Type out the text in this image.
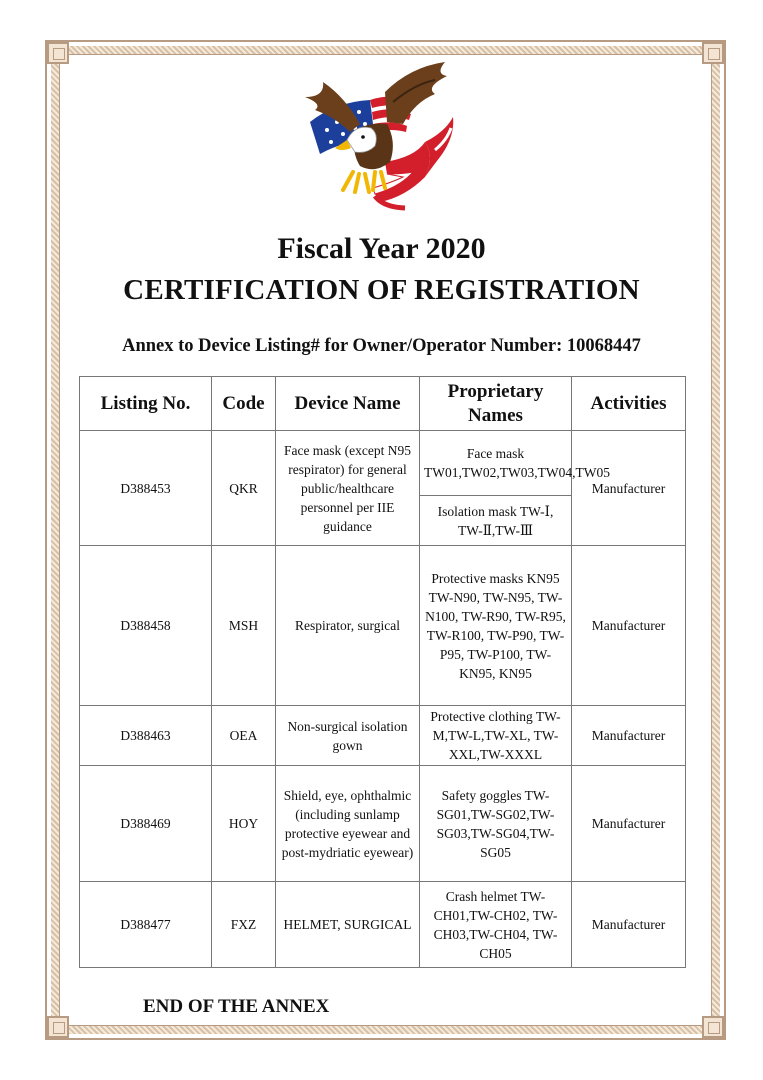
Fiscal Year 2020
CERTIFICATION OF REGISTRATION
Annex to Device Listing# for Owner/Operator Number: 10068447
Listing No.	Code	Device Name	Proprietary Names	Activities
D388453	QKR	Face mask (except N95 respirator) for general public/healthcare personnel per IIE guidance	Face mask TW01,TW02,TW03,TW04,TW05	Manufacturer
			Isolation mask TW-Ⅰ, TW-Ⅱ,TW-Ⅲ	
D388458	MSH	Respirator, surgical	Protective masks KN95 TW-N90, TW-N95, TW-N100, TW-R90, TW-R95, TW-R100, TW-P90, TW-P95, TW-P100, TW-KN95, KN95	Manufacturer
D388463	OEA	Non-surgical isolation gown	Protective clothing TW-M,TW-L,TW-XL, TW-XXL,TW-XXXL	Manufacturer
D388469	HOY	Shield, eye, ophthalmic (including sunlamp protective eyewear and post-mydriatic eyewear)	Safety goggles TW-SG01,TW-SG02,TW-SG03,TW-SG04,TW-SG05	Manufacturer
D388477	FXZ	HELMET, SURGICAL	Crash helmet TW-CH01,TW-CH02, TW-CH03,TW-CH04, TW-CH05	Manufacturer
END OF THE ANNEX
